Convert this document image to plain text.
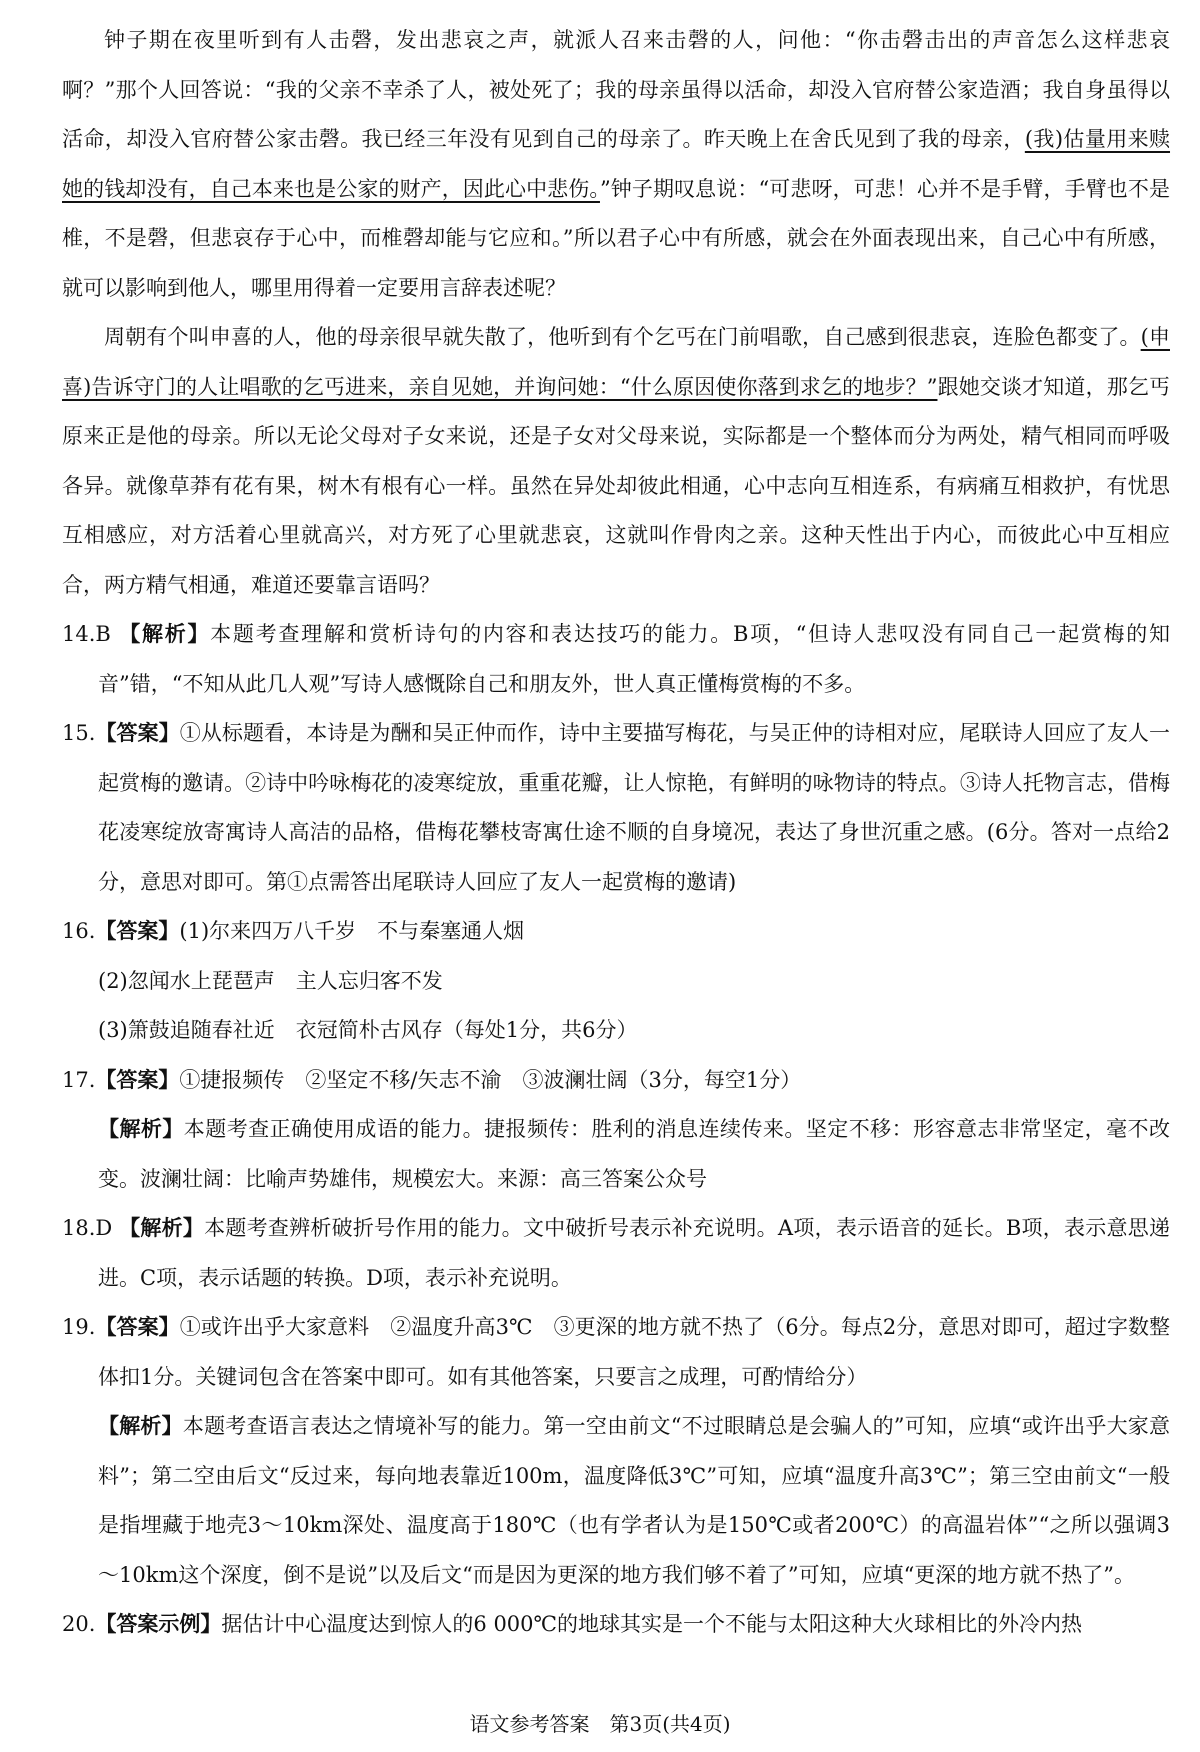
钟子期在夜里听到有人击磬，发出悲哀之声，就派人召来击磬的人，问他：“你击磬击出的声音怎么这样悲哀啊？”那个人回答说：“我的父亲不幸杀了人，被处死了；我的母亲虽得以活命，却没入官府替公家造酒；我自身虽得以活命，却没入官府替公家击磬。我已经三年没有见到自己的母亲了。昨天晚上在舍氏见到了我的母亲，(我)估量用来赎她的钱却没有，自己本来也是公家的财产，因此心中悲伤。”钟子期叹息说：“可悲呀，可悲！心并不是手臂，手臂也不是椎，不是磬，但悲哀存于心中，而椎磬却能与它应和。”所以君子心中有所感，就会在外面表现出来，自己心中有所感，就可以影响到他人，哪里用得着一定要用言辞表述呢？

周朝有个叫申喜的人，他的母亲很早就失散了，他听到有个乞丐在门前唱歌，自己感到很悲哀，连脸色都变了。(申喜)告诉守门的人让唱歌的乞丐进来，亲自见她，并询问她：“什么原因使你落到求乞的地步？”跟她交谈才知道，那乞丐原来正是他的母亲。所以无论父母对子女来说，还是子女对父母来说，实际都是一个整体而分为两处，精气相同而呼吸各异。就像草莽有花有果，树木有根有心一样。虽然在异处却彼此相通，心中志向互相连系，有病痛互相救护，有忧思互相感应，对方活着心里就高兴，对方死了心里就悲哀，这就叫作骨肉之亲。这种天性出于内心，而彼此心中互相应合，两方精气相通，难道还要靠言语吗？

14.B 【解析】本题考查理解和赏析诗句的内容和表达技巧的能力。B项，“但诗人悲叹没有同自己一起赏梅的知音”错，“不知从此几人观”写诗人感慨除自己和朋友外，世人真正懂梅赏梅的不多。

15.【答案】①从标题看，本诗是为酬和吴正仲而作，诗中主要描写梅花，与吴正仲的诗相对应，尾联诗人回应了友人一起赏梅的邀请。②诗中吟咏梅花的凌寒绽放，重重花瓣，让人惊艳，有鲜明的咏物诗的特点。③诗人托物言志，借梅花凌寒绽放寄寓诗人高洁的品格，借梅花攀枝寄寓仕途不顺的自身境况，表达了身世沉重之感。(6分。答对一点给2分，意思对即可。第①点需答出尾联诗人回应了友人一起赏梅的邀请)

16.【答案】(1)尔来四万八千岁　不与秦塞通人烟

(2)忽闻水上琵琶声　主人忘归客不发

(3)箫鼓追随春社近　衣冠简朴古风存（每处1分，共6分）

17.【答案】①捷报频传　②坚定不移/矢志不渝　③波澜壮阔（3分，每空1分）

【解析】本题考查正确使用成语的能力。捷报频传：胜利的消息连续传来。坚定不移：形容意志非常坚定，毫不改变。波澜壮阔：比喻声势雄伟，规模宏大。来源：高三答案公众号

18.D 【解析】本题考查辨析破折号作用的能力。文中破折号表示补充说明。A项，表示语音的延长。B项，表示意思递进。C项，表示话题的转换。D项，表示补充说明。

19.【答案】①或许出乎大家意料　②温度升高3℃　③更深的地方就不热了（6分。每点2分，意思对即可，超过字数整体扣1分。关键词包含在答案中即可。如有其他答案，只要言之成理，可酌情给分）

【解析】本题考查语言表达之情境补写的能力。第一空由前文“不过眼睛总是会骗人的”可知，应填“或许出乎大家意料”；第二空由后文“反过来，每向地表靠近100m，温度降低3℃”可知，应填“温度升高3℃”；第三空由前文“一般是指埋藏于地壳3～10km深处、温度高于180℃（也有学者认为是150℃或者200℃）的高温岩体”“之所以强调3～10km这个深度，倒不是说”以及后文“而是因为更深的地方我们够不着了”可知，应填“更深的地方就不热了”。

20.【答案示例】据估计中心温度达到惊人的6 000℃的地球其实是一个不能与太阳这种大火球相比的外冷内热

语文参考答案　第3页(共4页)
